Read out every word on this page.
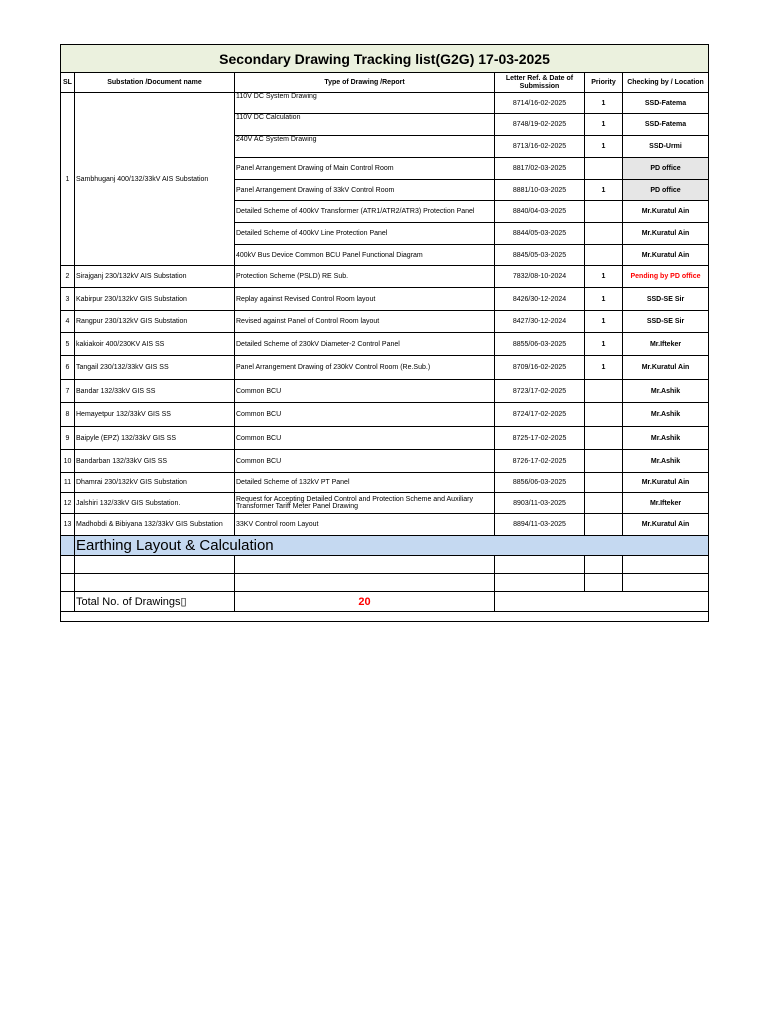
Secondary Drawing Tracking list(G2G) 17-03-2025					
SL	Substation /Document name	Type of Drawing /Report	Letter Ref. & Date of Submission	Priority	Checking by / Location
1	Sambhuganj 400/132/33kV AIS Substation	110V DC System Drawing	8714/16-02-2025	1	SSD-Fatema
		110V DC Calculation	8748/19-02-2025	1	SSD-Fatema
		240V AC System Drawing	8713/16-02-2025	1	SSD-Urmi
		Panel Arrangement Drawing of Main Control Room	8817/02-03-2025		PD office
		Panel Arrangement Drawing of 33kV Control Room	8881/10-03-2025	1	PD office
		Detailed Scheme of 400kV Transformer (ATR1/ATR2/ATR3) Protection Panel	8840/04-03-2025		Mr.Kuratul Ain
		Detailed Scheme of 400kV Line Protection Panel	8844/05-03-2025		Mr.Kuratul Ain
		400kV Bus Device Common BCU Panel Functional Diagram	8845/05-03-2025		Mr.Kuratul Ain
2	Sirajganj 230/132kV AIS Substation	Protection Scheme (PSLD) RE Sub.	7832/08-10-2024	1	Pending by PD office
3	Kabirpur 230/132kV GIS Substation	Replay against Revised Control Room layout	8426/30-12-2024	1	SSD-SE Sir
4	Rangpur 230/132kV GIS Substation	Revised against Panel of Control Room layout	8427/30-12-2024	1	SSD-SE Sir
5	kakiakoir 400/230KV AIS SS	Detailed Scheme of 230kV Diameter-2 Control Panel	8855/06-03-2025	1	Mr.Ifteker
6	Tangail 230/132/33kV GIS SS	Panel Arrangement Drawing of 230kV Control Room (Re.Sub.)	8709/16-02-2025	1	Mr.Kuratul Ain
7	Bandar 132/33kV GIS SS	Common BCU	8723/17-02-2025		Mr.Ashik
8	Hemayetpur 132/33kV GIS SS	Common BCU	8724/17-02-2025		Mr.Ashik
9	Baipyle (EPZ) 132/33kV GIS SS	Common BCU	8725-17-02-2025		Mr.Ashik
10	Bandarban 132/33kV GIS SS	Common BCU	8726-17-02-2025		Mr.Ashik
11	Dhamrai 230/132kV GIS Substation	Detailed Scheme of 132kV PT Panel	8856/06-03-2025		Mr.Kuratul Ain
12	Jalshiri 132/33kV GIS Substation.	Request for Accepting Detailed Control and Protection Scheme and Auxiliary Transformer Tariff Meter Panel Drawing	8903/11-03-2025		Mr.Ifteker
13	Madhobdi & Bibiyana 132/33kV GIS Substation	33KV Control room Layout	8894/11-03-2025		Mr.Kuratul Ain
	Earthing Layout & Calculation				

	Total No. of Drawings▯	20			
